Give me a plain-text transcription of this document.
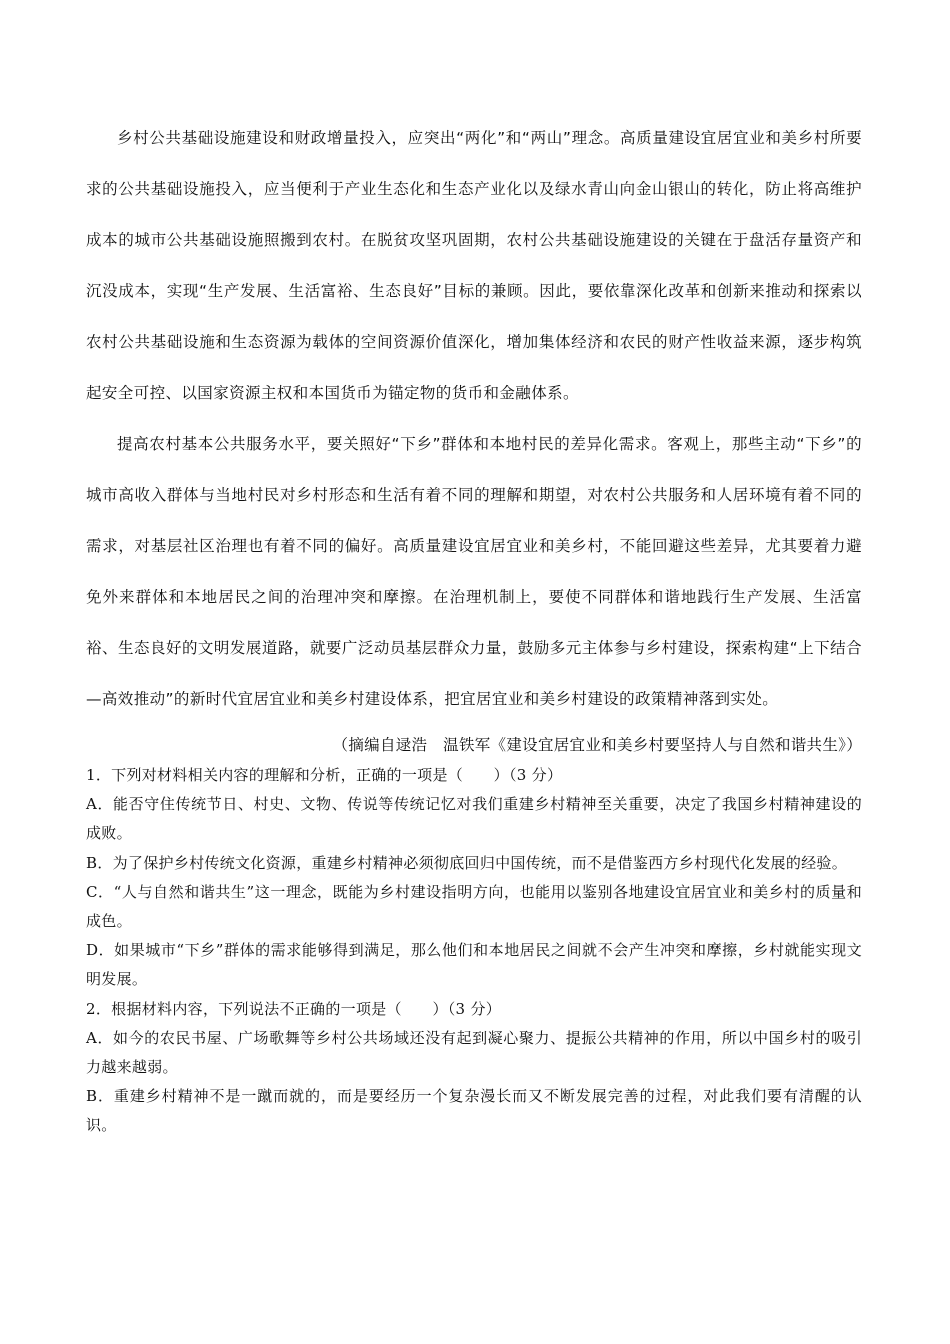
乡村公共基础设施建设和财政增量投入，应突出“两化”和“两山”理念。高质量建设宜居宜业和美乡村所要求的公共基础设施投入，应当便利于产业生态化和生态产业化以及绿水青山向金山银山的转化，防止将高维护成本的城市公共基础设施照搬到农村。在脱贫攻坚巩固期，农村公共基础设施建设的关键在于盘活存量资产和沉没成本，实现“生产发展、生活富裕、生态良好”目标的兼顾。因此，要依靠深化改革和创新来推动和探索以农村公共基础设施和生态资源为载体的空间资源价值深化，增加集体经济和农民的财产性收益来源，逐步构筑起安全可控、以国家资源主权和本国货币为锚定物的货币和金融体系。

提高农村基本公共服务水平，要关照好“下乡”群体和本地村民的差异化需求。客观上，那些主动“下乡”的城市高收入群体与当地村民对乡村形态和生活有着不同的理解和期望，对农村公共服务和人居环境有着不同的需求，对基层社区治理也有着不同的偏好。高质量建设宜居宜业和美乡村，不能回避这些差异，尤其要着力避免外来群体和本地居民之间的治理冲突和摩擦。在治理机制上，要使不同群体和谐地践行生产发展、生活富裕、生态良好的文明发展道路，就要广泛动员基层群众力量，鼓励多元主体参与乡村建设，探索构建“上下结合—高效推动”的新时代宜居宜业和美乡村建设体系，把宜居宜业和美乡村建设的政策精神落到实处。

（摘编自逯浩　温铁军《建设宜居宜业和美乡村要坚持人与自然和谐共生》）

1．下列对材料相关内容的理解和分析，正确的一项是（　　）（3 分）

A．能否守住传统节日、村史、文物、传说等传统记忆对我们重建乡村精神至关重要，决定了我国乡村精神建设的成败。

B．为了保护乡村传统文化资源，重建乡村精神必须彻底回归中国传统，而不是借鉴西方乡村现代化发展的经验。

C．“人与自然和谐共生”这一理念，既能为乡村建设指明方向，也能用以鉴别各地建设宜居宜业和美乡村的质量和成色。

D．如果城市“下乡”群体的需求能够得到满足，那么他们和本地居民之间就不会产生冲突和摩擦，乡村就能实现文明发展。

2．根据材料内容，下列说法不正确的一项是（　　）（3 分）

A．如今的农民书屋、广场歌舞等乡村公共场域还没有起到凝心聚力、提振公共精神的作用，所以中国乡村的吸引力越来越弱。

B．重建乡村精神不是一蹴而就的，而是要经历一个复杂漫长而又不断发展完善的过程，对此我们要有清醒的认识。
